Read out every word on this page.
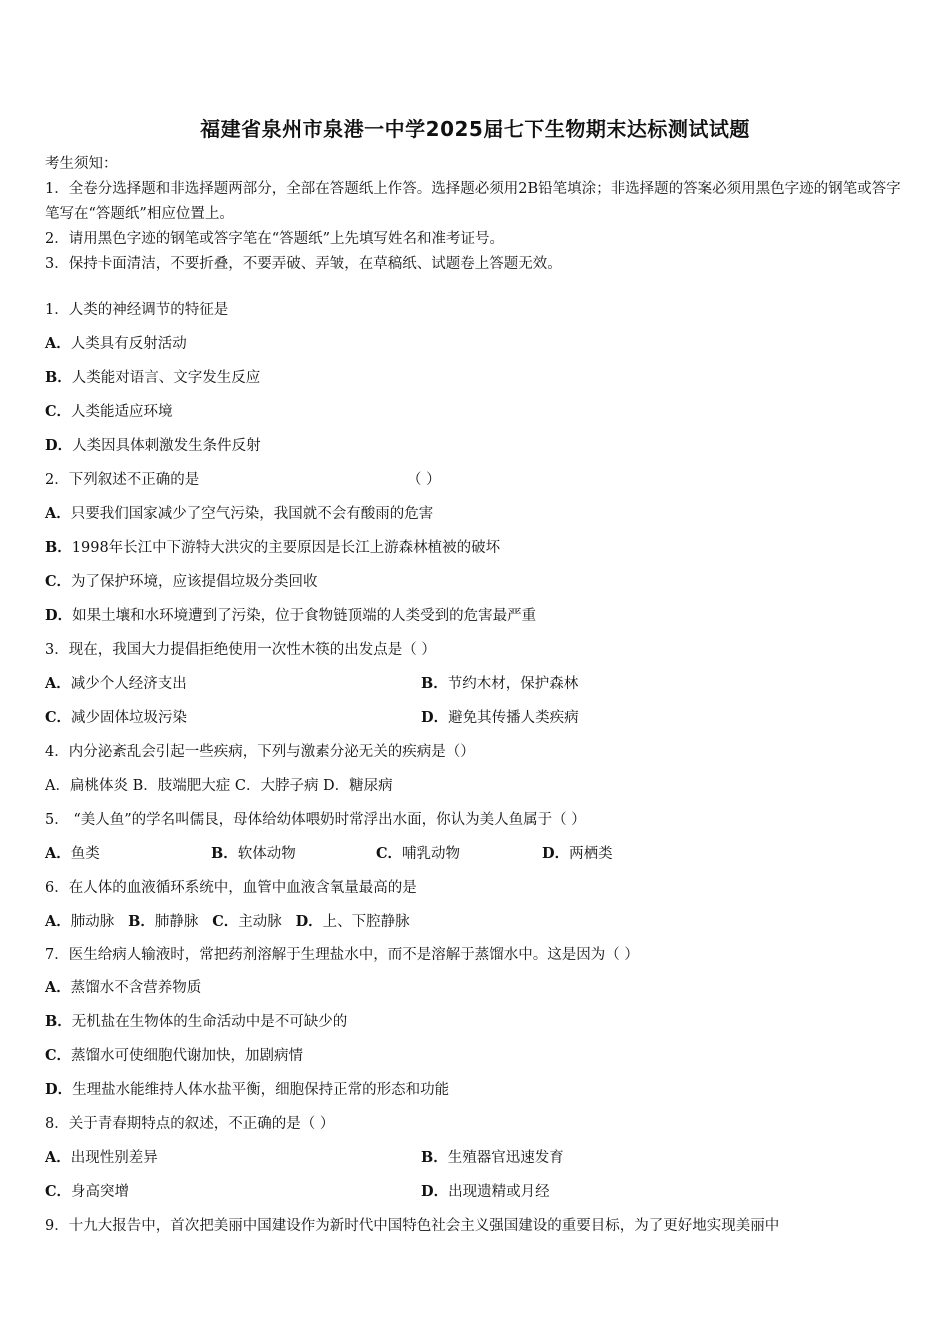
福建省泉州市泉港一中学2025届七下生物期末达标测试试题
考生须知：
1．全卷分选择题和非选择题两部分，全部在答题纸上作答。选择题必须用2B铅笔填涂；非选择题的答案必须用黑色字迹的钢笔或答字笔写在“答题纸”相应位置上。
2．请用黑色字迹的钢笔或答字笔在“答题纸”上先填写姓名和准考证号。
3．保持卡面清洁，不要折叠，不要弄破、弄皱，在草稿纸、试题卷上答题无效。
1．人类的神经调节的特征是
A．人类具有反射活动
B．人类能对语言、文字发生反应
C．人类能适应环境
D．人类因具体刺激发生条件反射
2．下列叙述不正确的是	（ ）
A．只要我们国家减少了空气污染，我国就不会有酸雨的危害
B．1998年长江中下游特大洪灾的主要原因是长江上游森林植被的破坏
C．为了保护环境，应该提倡垃圾分类回收
D．如果土壤和水环境遭到了污染，位于食物链顶端的人类受到的危害最严重
3．现在，我国大力提倡拒绝使用一次性木筷的出发点是（ ）
A．减少个人经济支出	B．节约木材，保护森林
C．减少固体垃圾污染	D．避免其传播人类疾病
4．内分泌紊乱会引起一些疾病，下列与激素分泌无关的疾病是（）
A．扁桃体炎 B．肢端肥大症 C．大脖子病 D．糖尿病
5． “美人鱼”的学名叫儒艮，母体给幼体喂奶时常浮出水面，你认为美人鱼属于（ ）
A．鱼类	B．软体动物	C．哺乳动物	D．两栖类
6．在人体的血液循环系统中，血管中血液含氧量最高的是
A．肺动脉 B．肺静脉 C．主动脉 D．上、下腔静脉
7．医生给病人输液时，常把药剂溶解于生理盐水中，而不是溶解于蒸馏水中。这是因为（ ）
A．蒸馏水不含营养物质
B．无机盐在生物体的生命活动中是不可缺少的
C．蒸馏水可使细胞代谢加快，加剧病情
D．生理盐水能维持人体水盐平衡，细胞保持正常的形态和功能
8．关于青春期特点的叙述，不正确的是（ ）
A．出现性别差异	B．生殖器官迅速发育
C．身高突增	D．出现遗精或月经
9．十九大报告中，首次把美丽中国建设作为新时代中国特色社会主义强国建设的重要目标，为了更好地实现美丽中
